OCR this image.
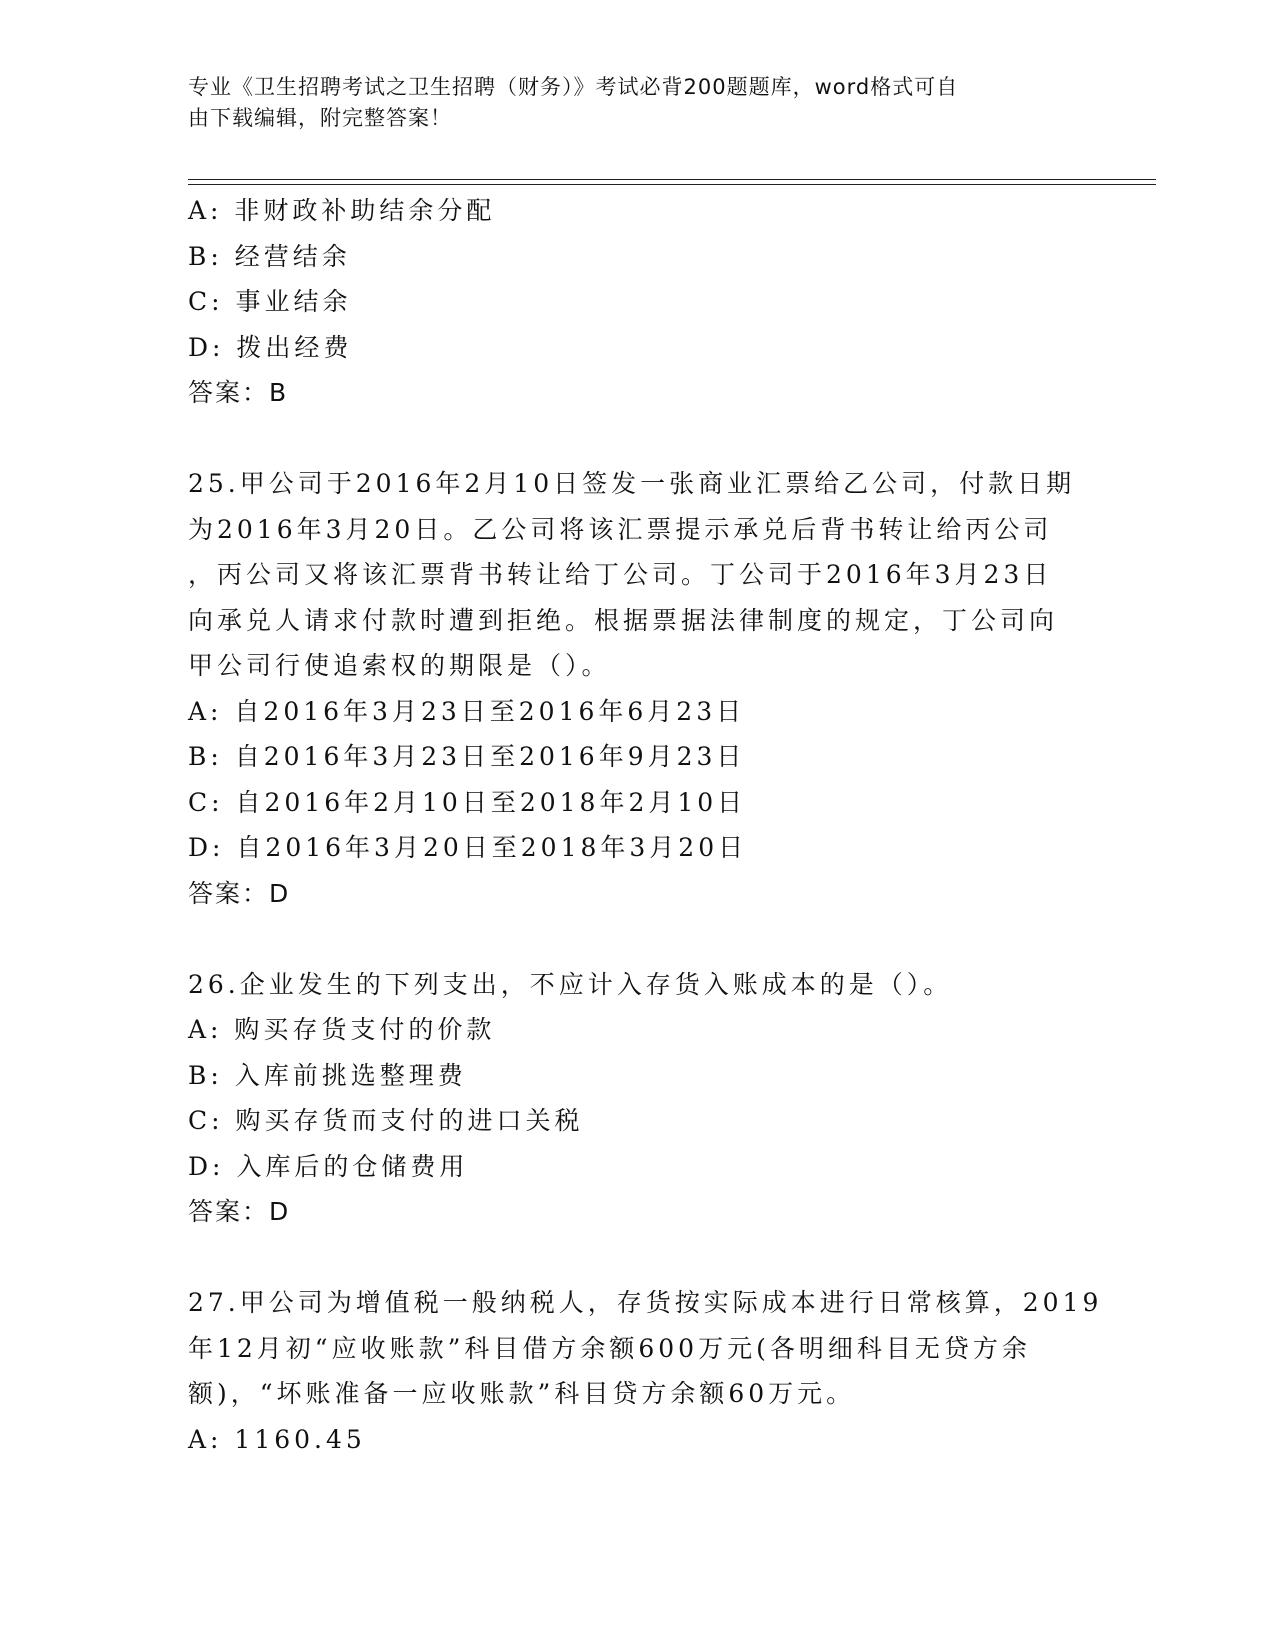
专业《卫生招聘考试之卫生招聘（财务）》考试必背200题题库，word格式可自
由下载编辑，附完整答案！
A: 非财政补助结余分配
B: 经营结余
C: 事业结余
D: 拨出经费
答案：B
25.甲公司于2016年2月10日签发一张商业汇票给乙公司，付款日期
为2016年3月20日。乙公司将该汇票提示承兑后背书转让给丙公司
，丙公司又将该汇票背书转让给丁公司。丁公司于2016年3月23日
向承兑人请求付款时遭到拒绝。根据票据法律制度的规定，丁公司向
甲公司行使追索权的期限是（）。
A: 自2016年3月23日至2016年6月23日
B: 自2016年3月23日至2016年9月23日
C: 自2016年2月10日至2018年2月10日
D: 自2016年3月20日至2018年3月20日
答案：D
26.企业发生的下列支出，不应计入存货入账成本的是（）。
A: 购买存货支付的价款
B: 入库前挑选整理费
C: 购买存货而支付的进口关税
D: 入库后的仓储费用
答案：D
27.甲公司为增值税一般纳税人，存货按实际成本进行日常核算，2019
年12月初“应收账款”科目借方余额600万元(各明细科目无贷方余
额)，“坏账准备一应收账款”科目贷方余额60万元。
A: 1160.45
